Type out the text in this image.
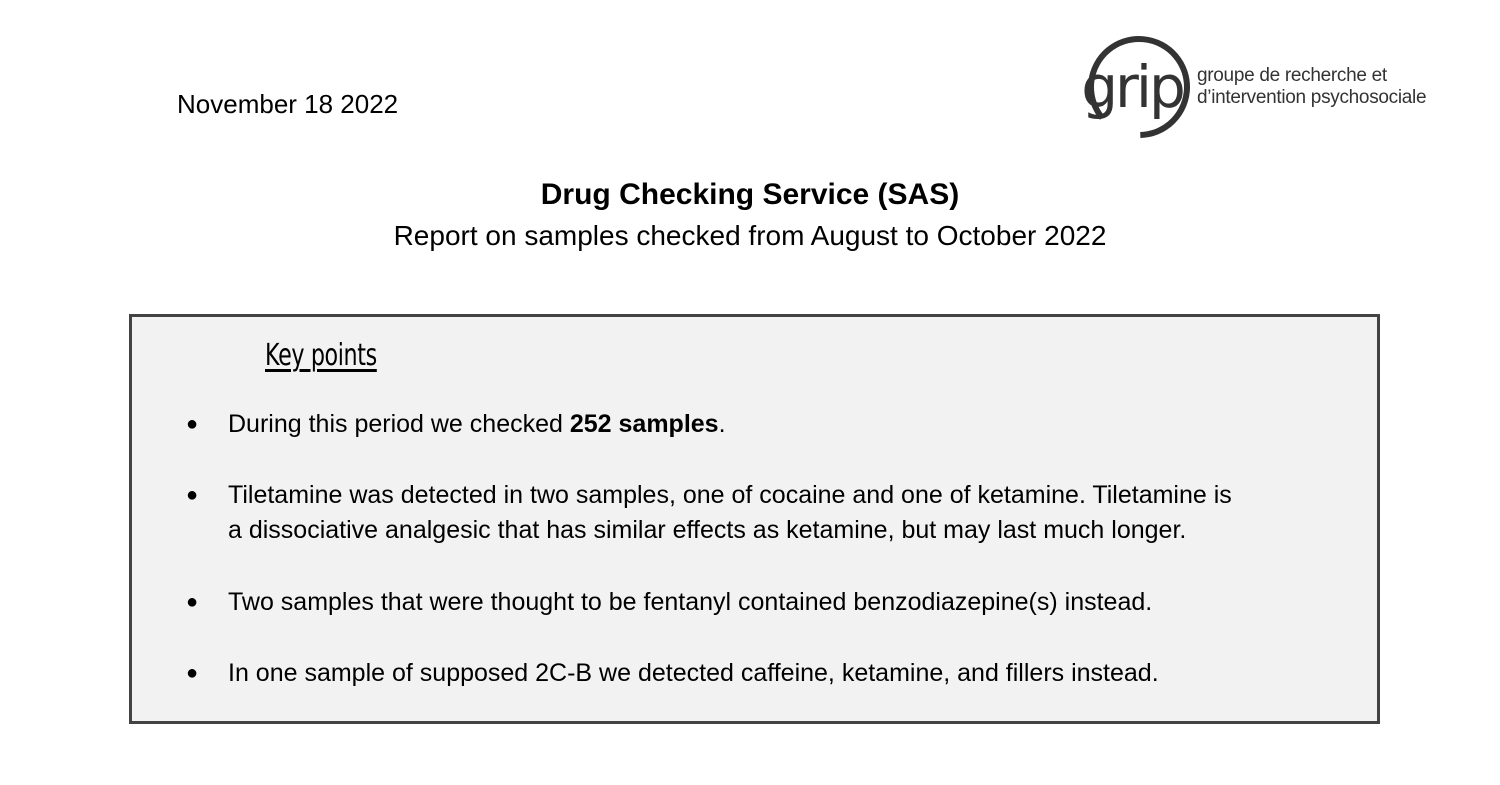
November 18 2022	grip groupe de recherche et
d’intervention psychosociale
Drug Checking Service (SAS)
Report on samples checked from August to October 2022
Key points
● During this period we checked 252 samples.
● Tiletamine was detected in two samples, one of cocaine and one of ketamine. Tiletamine is
a dissociative analgesic that has similar effects as ketamine, but may last much longer.
● Two samples that were thought to be fentanyl contained benzodiazepine(s) instead.
● In one sample of supposed 2C-B we detected caffeine, ketamine, and fillers instead.
